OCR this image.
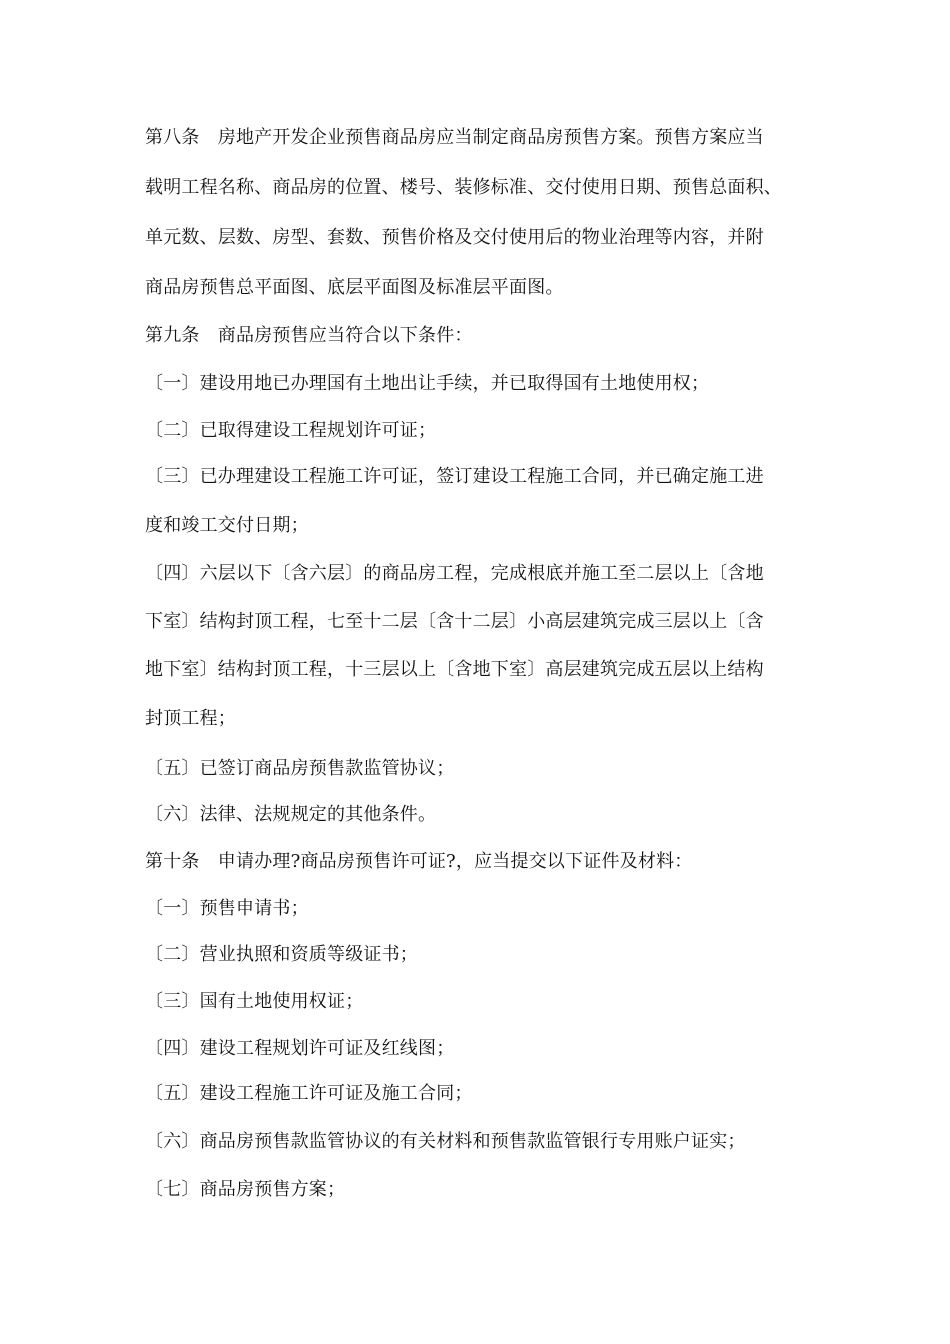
第八条　房地产开发企业预售商品房应当制定商品房预售方案。预售方案应当
载明工程名称、商品房的位置、楼号、装修标准、交付使用日期、预售总面积、
单元数、层数、房型、套数、预售价格及交付使用后的物业治理等内容，并附
商品房预售总平面图、底层平面图及标准层平面图。
第九条　商品房预售应当符合以下条件：
〔一〕建设用地已办理国有土地出让手续，并已取得国有土地使用权；
〔二〕已取得建设工程规划许可证；
〔三〕已办理建设工程施工许可证，签订建设工程施工合同，并已确定施工进
度和竣工交付日期；
〔四〕六层以下〔含六层〕的商品房工程，完成根底并施工至二层以上〔含地
下室〕结构封顶工程，七至十二层〔含十二层〕小高层建筑完成三层以上〔含
地下室〕结构封顶工程，十三层以上〔含地下室〕高层建筑完成五层以上结构
封顶工程；
〔五〕已签订商品房预售款监管协议；
〔六〕法律、法规规定的其他条件。
第十条　申请办理?商品房预售许可证?，应当提交以下证件及材料：
〔一〕预售申请书；
〔二〕营业执照和资质等级证书；
〔三〕国有土地使用权证；
〔四〕建设工程规划许可证及红线图；
〔五〕建设工程施工许可证及施工合同；
〔六〕商品房预售款监管协议的有关材料和预售款监管银行专用账户证实；
〔七〕商品房预售方案；
